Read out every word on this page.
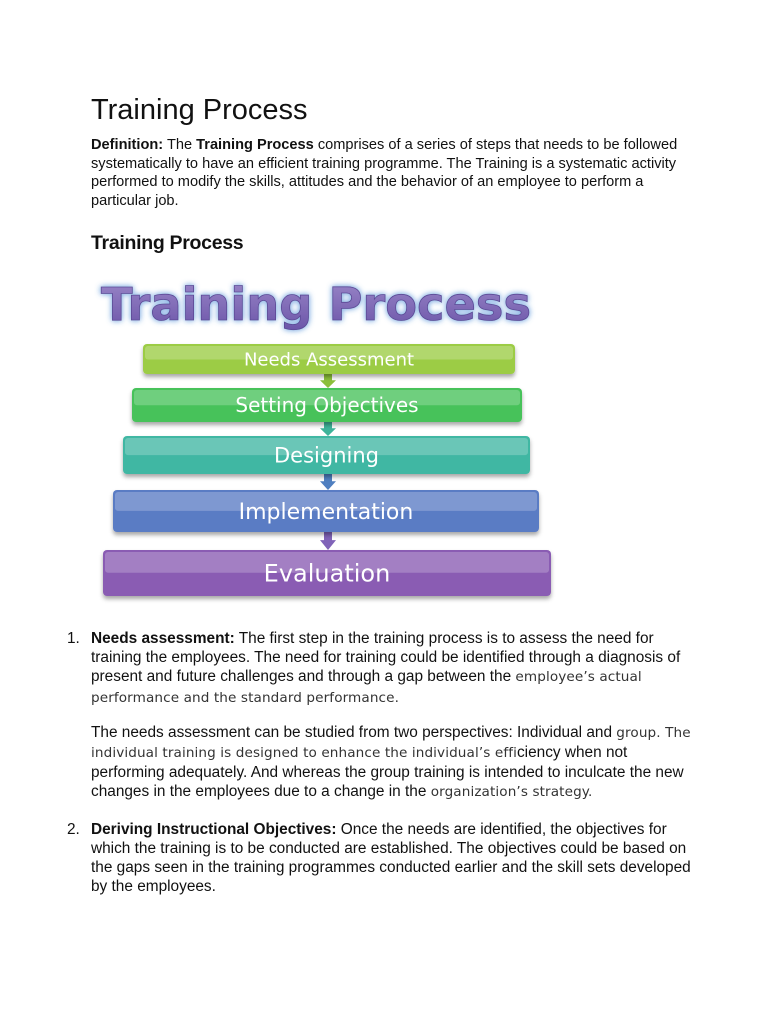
Training Process

Definition: The Training Process comprises of a series of steps that needs to be followed systematically to have an efficient training programme. The Training is a systematic activity performed to modify the skills, attitudes and the behavior of an employee to perform a particular job.

Training Process
1. Needs assessment: The first step in the training process is to assess the need for training the employees. The need for training could be identified through a diagnosis of present and future challenges and through a gap between the employee’s actual performance and the standard performance.

The needs assessment can be studied from two perspectives: Individual and group. The individual training is designed to enhance the individual’s efficiency when not performing adequately. And whereas the group training is intended to inculcate the new changes in the employees due to a change in the organization’s strategy.

2. Deriving Instructional Objectives: Once the needs are identified, the objectives for which the training is to be conducted are established. The objectives could be based on the gaps seen in the training programmes conducted earlier and the skill sets developed by the employees.

Training Process
Needs Assessment
Setting Objectives
Designing
Implementation
Evaluation
